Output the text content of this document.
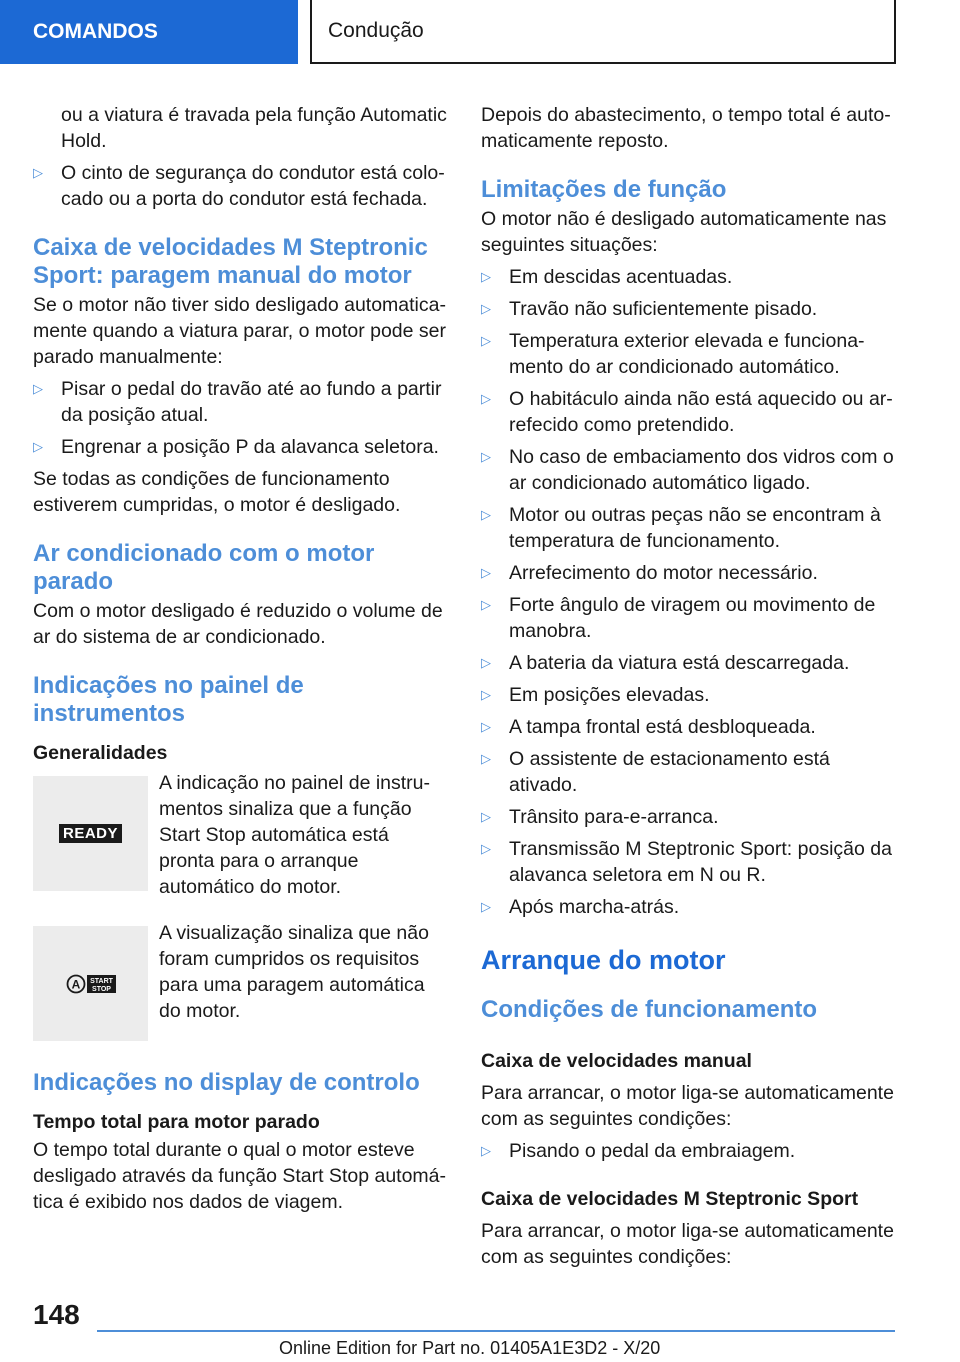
COMANDOS	Condução

ou a viatura é travada pela função Automatic Hold.

▷ O cinto de segurança do condutor está colocado ou a porta do condutor está fechada.
Caixa de velocidades M Steptronic Sport: paragem manual do motor

Se o motor não tiver sido desligado automaticamente quando a viatura parar, o motor pode ser parado manualmente:

▷ Pisar o pedal do travão até ao fundo a partir da posição atual.
▷ Engrenar a posição P da alavanca seletora.

Se todas as condições de funcionamento estiverem cumpridas, o motor é desligado.

Ar condicionado com o motor parado

Com o motor desligado é reduzido o volume de ar do sistema de ar condicionado.

Indicações no painel de instrumentos
Generalidades
READY

A indicação no painel de instrumentos sinaliza que a função Start Stop automática está pronta para o arranque automático do motor.

A START
STOP

A visualização sinaliza que não foram cumpridos os requisitos para uma paragem automática do motor.

Indicações no display de controlo
Tempo total para motor parado

O tempo total durante o qual o motor esteve desligado através da função Start Stop automática é exibido nos dados de viagem.

Depois do abastecimento, o tempo total é automaticamente reposto.

Limitações de função

O motor não é desligado automaticamente nas seguintes situações:

▷ Em descidas acentuadas.
▷ Travão não suficientemente pisado.
▷ Temperatura exterior elevada e funcionamento do ar condicionado automático.
▷ O habitáculo ainda não está aquecido ou arrefecido como pretendido.
▷ No caso de embaciamento dos vidros com o ar condicionado automático ligado.
▷ Motor ou outras peças não se encontram à temperatura de funcionamento.
▷ Arrefecimento do motor necessário.
▷ Forte ângulo de viragem ou movimento de manobra.
▷ A bateria da viatura está descarregada.
▷ Em posições elevadas.
▷ A tampa frontal está desbloqueada.
▷ O assistente de estacionamento está ativado.
▷ Trânsito para-e-arranca.
▷ Transmissão M Steptronic Sport: posição da alavanca seletora em N ou R.
▷ Após marcha-atrás.
Arranque do motor
Condições de funcionamento
Caixa de velocidades manual

Para arrancar, o motor liga-se automaticamente com as seguintes condições:

▷ Pisando o pedal da embraiagem.
Caixa de velocidades M Steptronic Sport

Para arrancar, o motor liga-se automaticamente com as seguintes condições:

148
Online Edition for Part no. 01405A1E3D2 - X/20
